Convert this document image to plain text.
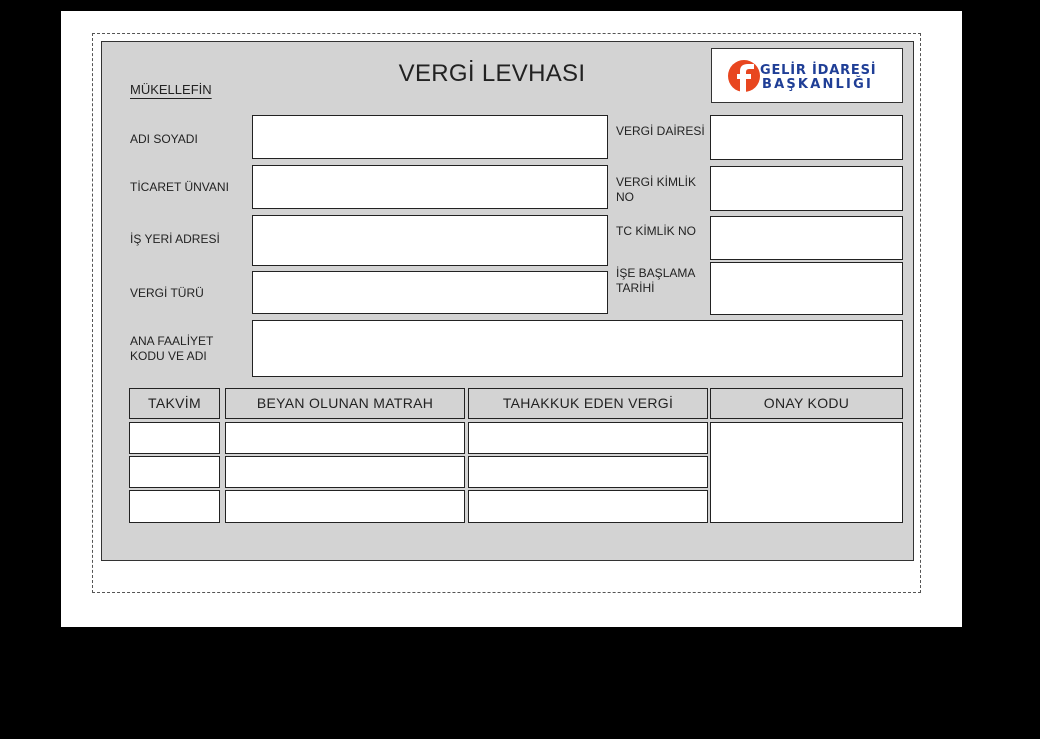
VERGİ LEVHASI
MÜKELLEFİN
GELİR İDARESİ
BAŞKANLIĞI
ADI SOYADI
TİCARET ÜNVANI
İŞ YERİ ADRESİ
VERGİ TÜRÜ
ANA FAALİYET KODU VE ADI
VERGİ DAİRESİ
VERGİ KİMLİK NO
TC KİMLİK NO
İŞE BAŞLAMA TARİHİ
TAKVİM	BEYAN OLUNAN MATRAH	TAHAKKUK EDEN VERGİ	ONAY KODU
